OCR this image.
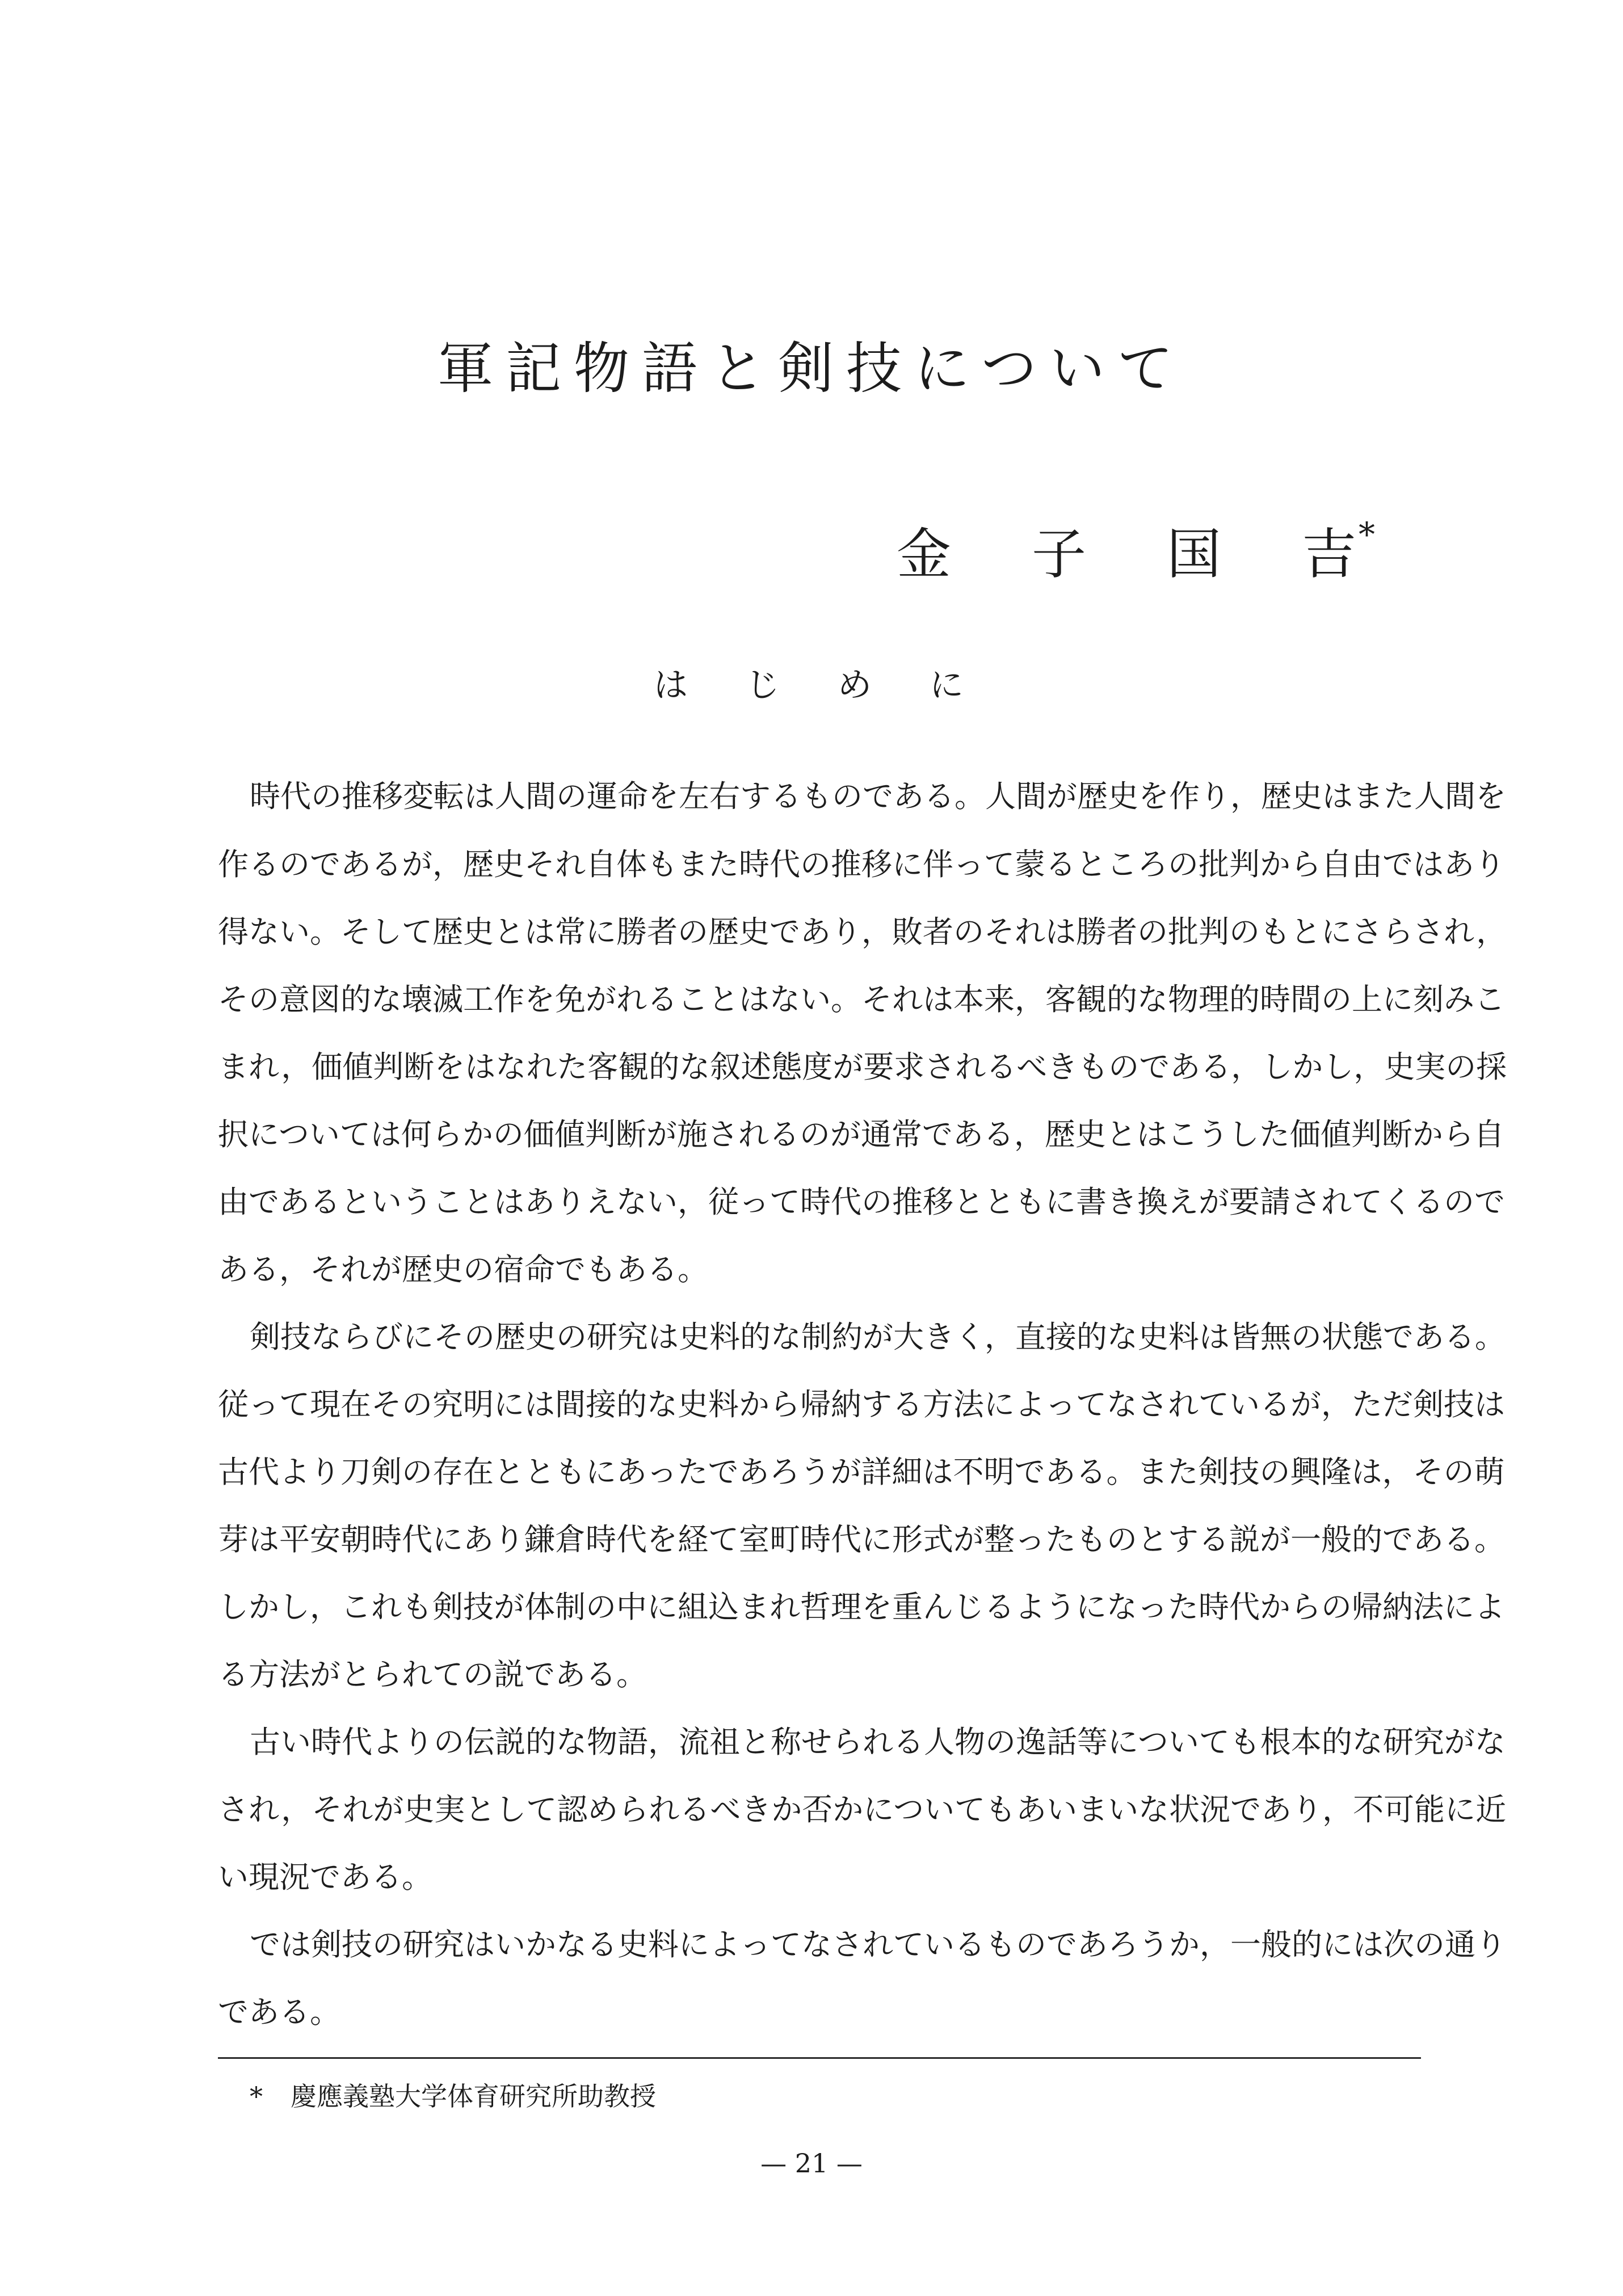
軍記物語と剣技について
金 子 国 吉*
は じ め に
時代の推移変転は人間の運命を左右するものである。人間が歴史を作り，歴史はまた人間を
作るのであるが，歴史それ自体もまた時代の推移に伴って蒙るところの批判から自由ではあり
得ない。そして歴史とは常に勝者の歴史であり，敗者のそれは勝者の批判のもとにさらされ，
その意図的な壊滅工作を免がれることはない。それは本来，客観的な物理的時間の上に刻みこ
まれ，価値判断をはなれた客観的な叙述態度が要求されるべきものである，しかし，史実の採
択については何らかの価値判断が施されるのが通常である，歴史とはこうした価値判断から自
由であるということはありえない，従って時代の推移とともに書き換えが要請されてくるので
ある，それが歴史の宿命でもある。
剣技ならびにその歴史の研究は史料的な制約が大きく，直接的な史料は皆無の状態である。
従って現在その究明には間接的な史料から帰納する方法によってなされているが，ただ剣技は
古代より刀剣の存在とともにあったであろうが詳細は不明である。また剣技の興隆は，その萌
芽は平安朝時代にあり鎌倉時代を経て室町時代に形式が整ったものとする説が一般的である。
しかし，これも剣技が体制の中に組込まれ哲理を重んじるようになった時代からの帰納法によ
る方法がとられての説である。
古い時代よりの伝説的な物語，流祖と称せられる人物の逸話等についても根本的な研究がな
され，それが史実として認められるべきか否かについてもあいまいな状況であり，不可能に近
い現況である。
では剣技の研究はいかなる史料によってなされているものであろうか，一般的には次の通り
である。
* 慶應義塾大学体育研究所助教授
— 21 —
